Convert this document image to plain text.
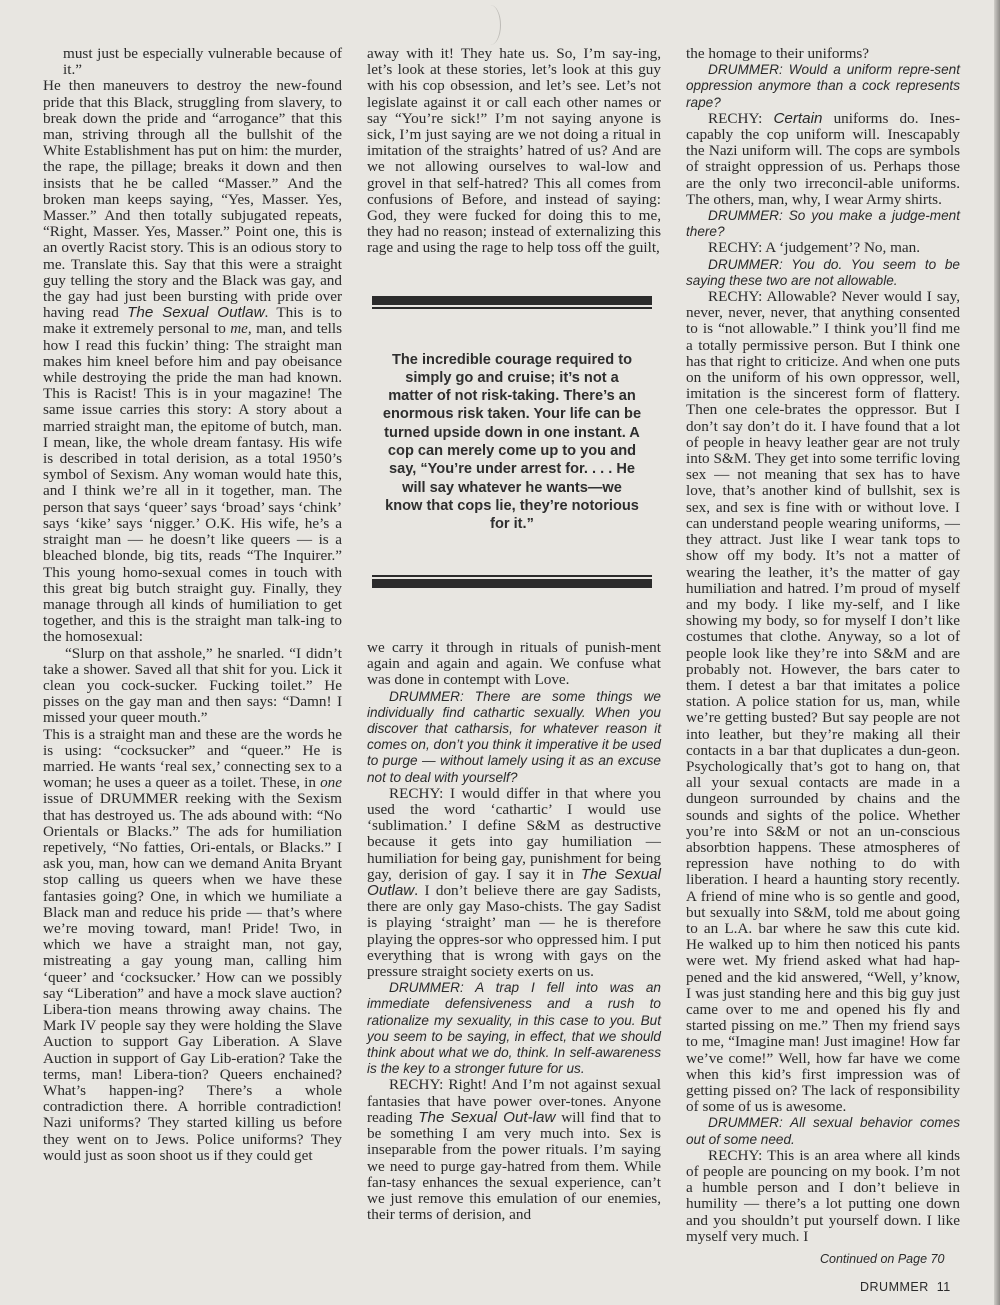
must just be especially vulnerable because of it.”

He then maneuvers to destroy the new-found pride that this Black, struggling from slavery, to break down the pride and “arrogance” that this man, striving through all the bullshit of the White Establishment has put on him: the murder, the rape, the pillage; breaks it down and then insists that he be called “Masser.” And the broken man keeps saying, “Yes, Masser. Yes, Masser.” And then totally subjugated repeats, “Right, Masser. Yes, Masser.” Point one, this is an overtly Racist story. This is an odious story to me. Translate this. Say that this were a straight guy telling the story and the Black was gay, and the gay had just been bursting with pride over having read The Sexual Outlaw. This is to make it extremely personal to me, man, and tells how I read this fuckin’ thing: The straight man makes him kneel before him and pay obeisance while destroying the pride the man had known. This is Racist! This is in your magazine! The same issue carries this story: A story about a married straight man, the epitome of butch, man. I mean, like, the whole dream fantasy. His wife is described in total derision, as a total 1950’s symbol of Sexism. Any woman would hate this, and I think we’re all in it together, man. The person that says ‘queer’ says ‘broad’ says ‘chink’ says ‘kike’ says ‘nigger.’ O.K. His wife, he’s a straight man — he doesn’t like queers — is a bleached blonde, big tits, reads “The Inquirer.” This young homo-sexual comes in touch with this great big butch straight guy. Finally, they manage through all kinds of humiliation to get together, and this is the straight man talk-ing to the homosexual:

“Slurp on that asshole,” he snarled. “I didn’t take a shower. Saved all that shit for you. Lick it clean you cock-sucker. Fucking toilet.” He pisses on the gay man and then says: “Damn! I missed your queer mouth.”

This is a straight man and these are the words he is using: “cocksucker” and “queer.” He is married. He wants ‘real sex,’ connecting sex to a woman; he uses a queer as a toilet. These, in one issue of DRUMMER reeking with the Sexism that has destroyed us. The ads abound with: “No Orientals or Blacks.” The ads for humiliation repetively, “No fatties, Ori-entals, or Blacks.” I ask you, man, how can we demand Anita Bryant stop calling us queers when we have these fantasies going? One, in which we humiliate a Black man and reduce his pride — that’s where we’re moving toward, man! Pride! Two, in which we have a straight man, not gay, mistreating a gay young man, calling him ‘queer’ and ‘cocksucker.’ How can we possibly say “Liberation” and have a mock slave auction? Libera-tion means throwing away chains. The Mark IV people say they were holding the Slave Auction to support Gay Liberation. A Slave Auction in support of Gay Lib-eration? Take the terms, man! Libera-tion? Queers enchained? What’s happen-ing? There’s a whole contradiction there. A horrible contradiction! Nazi uniforms? They started killing us before they went on to Jews. Police uniforms? They would just as soon shoot us if they could get

away with it! They hate us. So, I’m say-ing, let’s look at these stories, let’s look at this guy with his cop obsession, and let’s see. Let’s not legislate against it or call each other names or say “You’re sick!” I’m not saying anyone is sick, I’m just saying are we not doing a ritual in imitation of the straights’ hatred of us? And are we not allowing ourselves to wal-low and grovel in that self-hatred? This all comes from confusions of Before, and instead of saying: God, they were fucked for doing this to me, they had no reason; instead of externalizing this rage and using the rage to help toss off the guilt,

The incredible courage required to simply go and cruise; it’s not a matter of not risk-taking. There’s an enormous risk taken. Your life can be turned upside down in one instant. A cop can merely come up to you and say, “You’re under arrest for. . . . He will say whatever he wants—we know that cops lie, they’re notorious for it.”

we carry it through in rituals of punish-ment again and again and again. We confuse what was done in contempt with Love.

DRUMMER: There are some things we individually find cathartic sexually. When you discover that catharsis, for whatever reason it comes on, don’t you think it imperative it be used to purge — without lamely using it as an excuse not to deal with yourself?

RECHY: I would differ in that where you used the word ‘cathartic’ I would use ‘sublimation.’ I define S&M as destructive because it gets into gay humiliation — humiliation for being gay, punishment for being gay, derision of gay. I say it in The Sexual Outlaw. I don’t believe there are gay Sadists, there are only gay Maso-chists. The gay Sadist is playing ‘straight’ man — he is therefore playing the oppres-sor who oppressed him. I put everything that is wrong with gays on the pressure straight society exerts on us.

DRUMMER: A trap I fell into was an immediate defensiveness and a rush to rationalize my sexuality, in this case to you. But you seem to be saying, in effect, that we should think about what we do, think. In self-awareness is the key to a stronger future for us.

RECHY: Right! And I’m not against sexual fantasies that have power over-tones. Anyone reading The Sexual Out-law will find that to be something I am very much into. Sex is inseparable from the power rituals. I’m saying we need to purge gay-hatred from them. While fan-tasy enhances the sexual experience, can’t we just remove this emulation of our enemies, their terms of derision, and

the homage to their uniforms?

DRUMMER: Would a uniform repre-sent oppression anymore than a cock represents rape?

RECHY: Certain uniforms do. Ines-capably the cop uniform will. Inescapably the Nazi uniform will. The cops are symbols of straight oppression of us. Perhaps those are the only two irreconcil-able uniforms. The others, man, why, I wear Army shirts.

DRUMMER: So you make a judge-ment there?

RECHY: A ‘judgement’? No, man.

DRUMMER: You do. You seem to be saying these two are not allowable.

RECHY: Allowable? Never would I say, never, never, never, that anything consented to is “not allowable.” I think you’ll find me a totally permissive person. But I think one has that right to criticize. And when one puts on the uniform of his own oppressor, well, imitation is the sincerest form of flattery. Then one cele-brates the oppressor. But I don’t say don’t do it. I have found that a lot of people in heavy leather gear are not truly into S&M. They get into some terrific loving sex — not meaning that sex has to have love, that’s another kind of bullshit, sex is sex, and sex is fine with or without love. I can understand people wearing uniforms, — they attract. Just like I wear tank tops to show off my body. It’s not a matter of wearing the leather, it’s the matter of gay humiliation and hatred. I’m proud of myself and my body. I like my-self, and I like showing my body, so for myself I don’t like costumes that clothe. Anyway, so a lot of people look like they’re into S&M and are probably not. However, the bars cater to them. I detest a bar that imitates a police station. A police station for us, man, while we’re getting busted? But say people are not into leather, but they’re making all their contacts in a bar that duplicates a dun-geon. Psychologically that’s got to hang on, that all your sexual contacts are made in a dungeon surrounded by chains and the sounds and sights of the police. Whether you’re into S&M or not an un-conscious absorbtion happens. These atmospheres of repression have nothing to do with liberation. I heard a haunting story recently. A friend of mine who is so gentle and good, but sexually into S&M, told me about going to an L.A. bar where he saw this cute kid. He walked up to him then noticed his pants were wet. My friend asked what had hap-pened and the kid answered, “Well, y’know, I was just standing here and this big guy just came over to me and opened his fly and started pissing on me.” Then my friend says to me, “Imagine man! Just imagine! How far we’ve come!” Well, how far have we come when this kid’s first impression was of getting pissed on? The lack of responsibility of some of us is awesome.

DRUMMER: All sexual behavior comes out of some need.

RECHY: This is an area where all kinds of people are pouncing on my book. I’m not a humble person and I don’t believe in humility — there’s a lot putting one down and you shouldn’t put yourself down. I like myself very much. I

Continued on Page 70
DRUMMER  11
